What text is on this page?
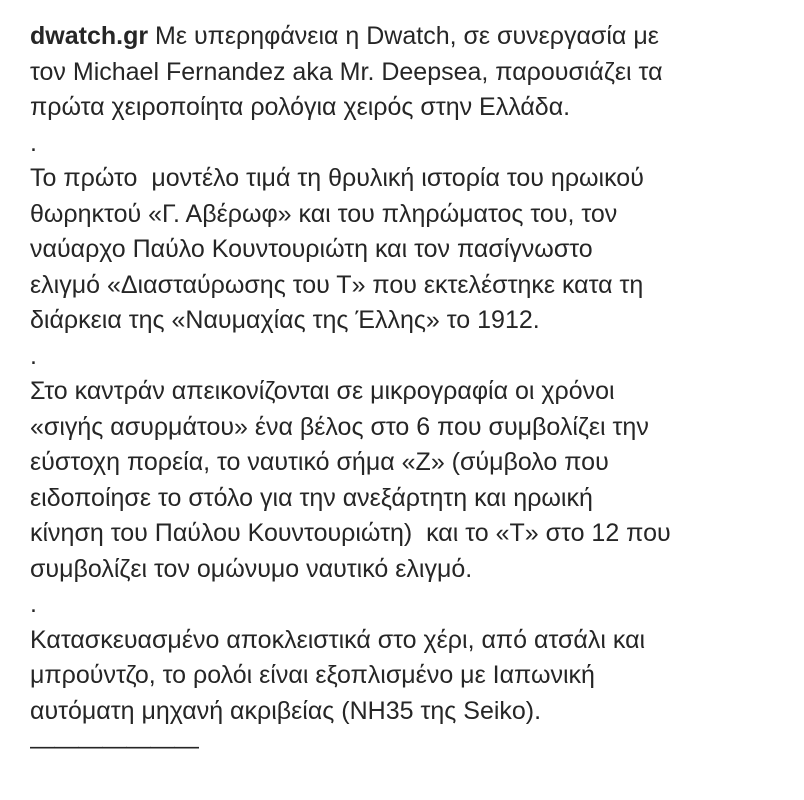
dwatch.gr Με υπερηφάνεια η Dwatch, σε συνεργασία με
τον Michael Fernandez aka Mr. Deepsea, παρουσιάζει τα
πρώτα χειροποίητα ρολόγια χειρός στην Ελλάδα.
.
Το πρώτο  μοντέλο τιμά τη θρυλική ιστορία του ηρωικού
θωρηκτού «Γ. Αβέρωφ» και του πληρώματος του, τον
ναύαρχο Παύλο Κουντουριώτη και τον πασίγνωστο
ελιγμό «Διασταύρωσης του Τ» που εκτελέστηκε κατα τη
διάρκεια της «Ναυμαχίας της Έλλης» το 1912.
.
Στο καντράν απεικονίζονται σε μικρογραφία οι χρόνοι
«σιγής ασυρμάτου» ένα βέλος στο 6 που συμβολίζει την
εύστοχη πορεία, το ναυτικό σήμα «Ζ» (σύμβολο που
ειδοποίησε το στόλο για την ανεξάρτητη και ηρωική
κίνηση του Παύλου Κουντουριώτη)  και το «Τ» στο 12 που
συμβολίζει τον ομώνυμο ναυτικό ελιγμό.
.
Κατασκευασμένο αποκλειστικά στο χέρι, από ατσάλι και
μπρούντζο, το ρολόι είναι εξοπλισμένο με Ιαπωνική
αυτόματη μηχανή ακριβείας (NH35 της Seiko).
———————
